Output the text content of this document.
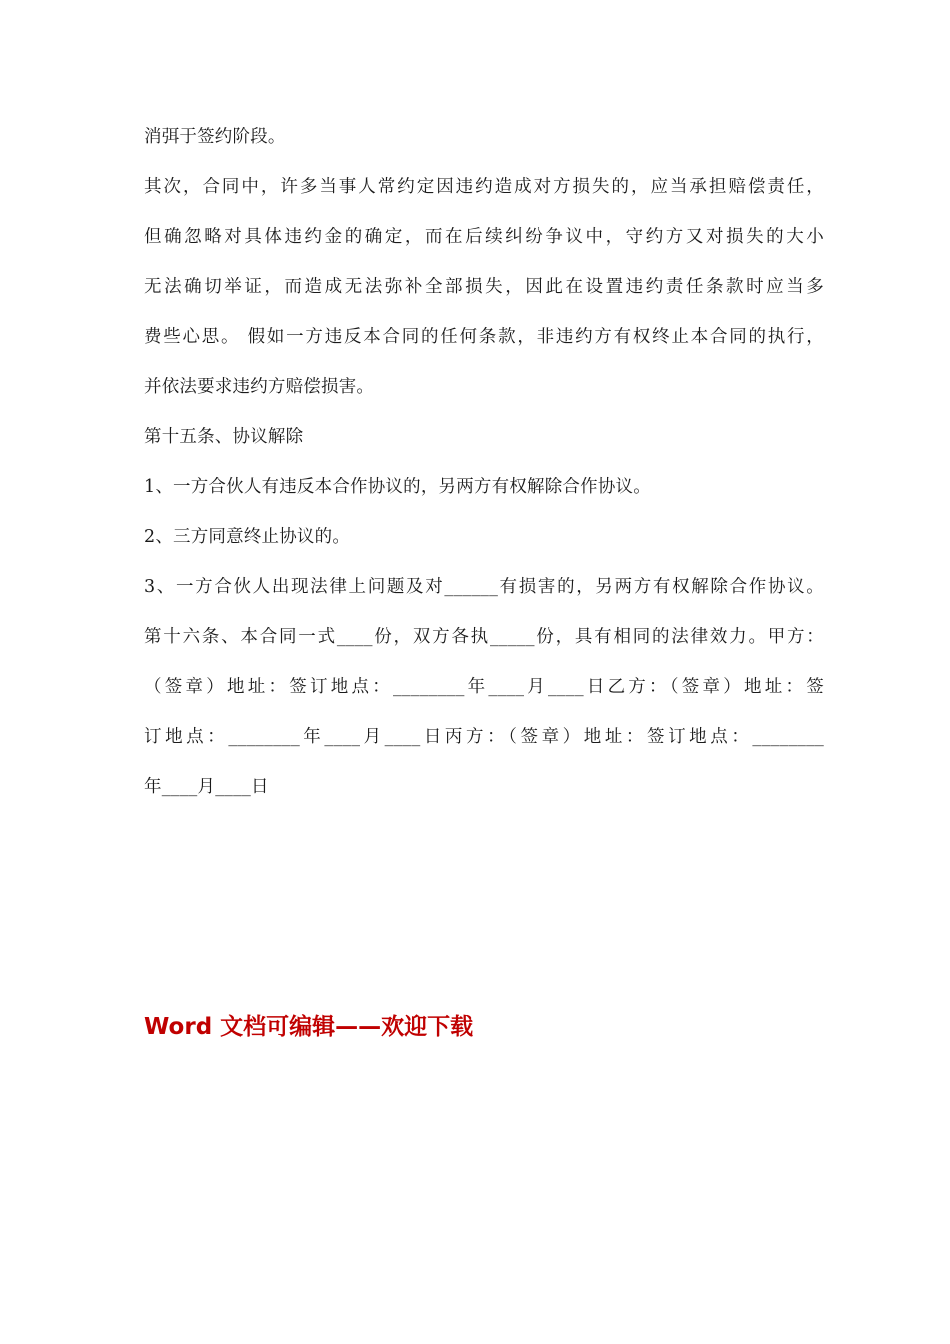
消弭于签约阶段。
其次，合同中，许多当事人常约定因违约造成对方损失的，应当承担赔偿责任，
但确忽略对具体违约金的确定，而在后续纠纷争议中，守约方又对损失的大小
无法确切举证，而造成无法弥补全部损失，因此在设置违约责任条款时应当多
费些心思。 假如一方违反本合同的任何条款，非违约方有权终止本合同的执行，
并依法要求违约方赔偿损害。
第十五条、协议解除
1、一方合伙人有违反本合作协议的，另两方有权解除合作协议。
2、三方同意终止协议的。
3、一方合伙人出现法律上问题及对______有损害的，另两方有权解除合作协议。
第十六条、本合同一式____份，双方各执_____份，具有相同的法律效力。甲方：
（签章）地址：签订地点：________年____月____日乙方：（签章）地址：签
订地点：________年____月____日丙方：（签章）地址：签订地点：________
年____月____日
Word 文档可编辑——欢迎下载
